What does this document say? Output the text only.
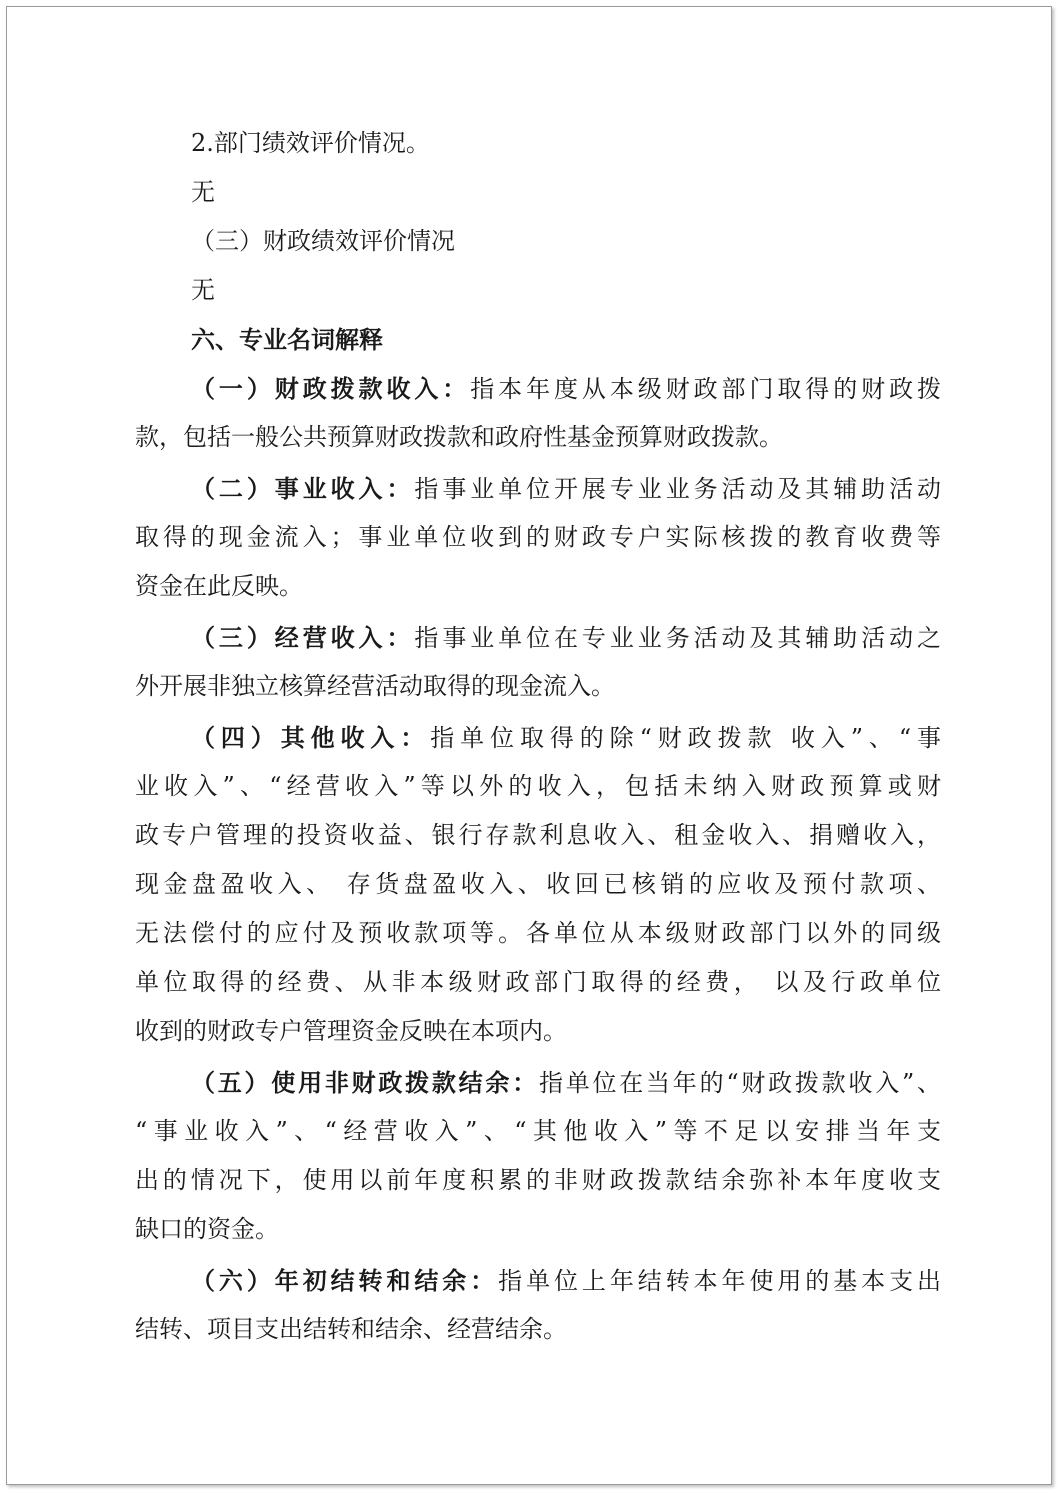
2.部门绩效评价情况。
无
（三）财政绩效评价情况
无
六、专业名词解释
（一）财政拨款收入：指本年度从本级财政部门取得的财政拨
款，包括一般公共预算财政拨款和政府性基金预算财政拨款。
（二）事业收入：指事业单位开展专业业务活动及其辅助活动
取得的现金流入；事业单位收到的财政专户实际核拨的教育收费等
资金在此反映。
（三）经营收入：指事业单位在专业业务活动及其辅助活动之
外开展非独立核算经营活动取得的现金流入。
（四）其他收入：指单位取得的除“财政拨款 收入”、“事
业收入”、“经营收入”等以外的收入，包括未纳入财政预算或财
政专户管理的投资收益、银行存款利息收入、租金收入、捐赠收入，
现金盘盈收入、 存货盘盈收入、收回已核销的应收及预付款项、
无法偿付的应付及预收款项等。各单位从本级财政部门以外的同级
单位取得的经费、从非本级财政部门取得的经费， 以及行政单位
收到的财政专户管理资金反映在本项内。
（五）使用非财政拨款结余：指单位在当年的“财政拨款收入”、
“事业收入”、“经营收入”、“其他收入”等不足以安排当年支
出的情况下，使用以前年度积累的非财政拨款结余弥补本年度收支
缺口的资金。
（六）年初结转和结余：指单位上年结转本年使用的基本支出
结转、项目支出结转和结余、经营结余。
